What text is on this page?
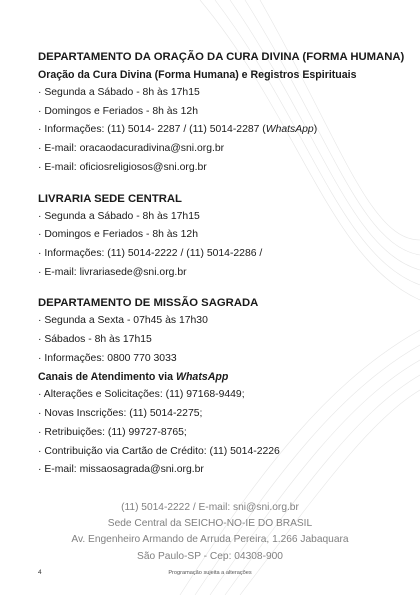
DEPARTAMENTO DA ORAÇÃO DA CURA DIVINA (FORMA HUMANA)
Oração da Cura Divina (Forma Humana) e Registros Espirituais
· Segunda a Sábado - 8h às 17h15
· Domingos e Feriados - 8h às 12h
· Informações: (11) 5014- 2287 / (11) 5014-2287 (WhatsApp)
· E-mail: oracaodacuradivina@sni.org.br
· E-mail: oficiosreligiosos@sni.org.br
LIVRARIA SEDE CENTRAL
· Segunda a Sábado - 8h às 17h15
· Domingos e Feriados - 8h às 12h
· Informações: (11) 5014-2222 / (11) 5014-2286 /
· E-mail: livrariasede@sni.org.br
DEPARTAMENTO DE MISSÃO SAGRADA
· Segunda a Sexta - 07h45 às 17h30
· Sábados - 8h às 17h15
· Informações: 0800 770 3033
Canais de Atendimento via WhatsApp
· Alterações e Solicitações: (11) 97168-9449;
· Novas Inscrições: (11) 5014-2275;
· Retribuições: (11) 99727-8765;
· Contribuição via Cartão de Crédito: (11) 5014-2226
· E-mail: missaosagrada@sni.org.br
(11) 5014-2222 / E-mail: sni@sni.org.br
Sede Central da SEICHO-NO-IE DO BRASIL
Av. Engenheiro Armando de Arruda Pereira, 1.266 Jabaquara
São Paulo-SP - Cep: 04308-900
4	Programação sujeita a alterações
